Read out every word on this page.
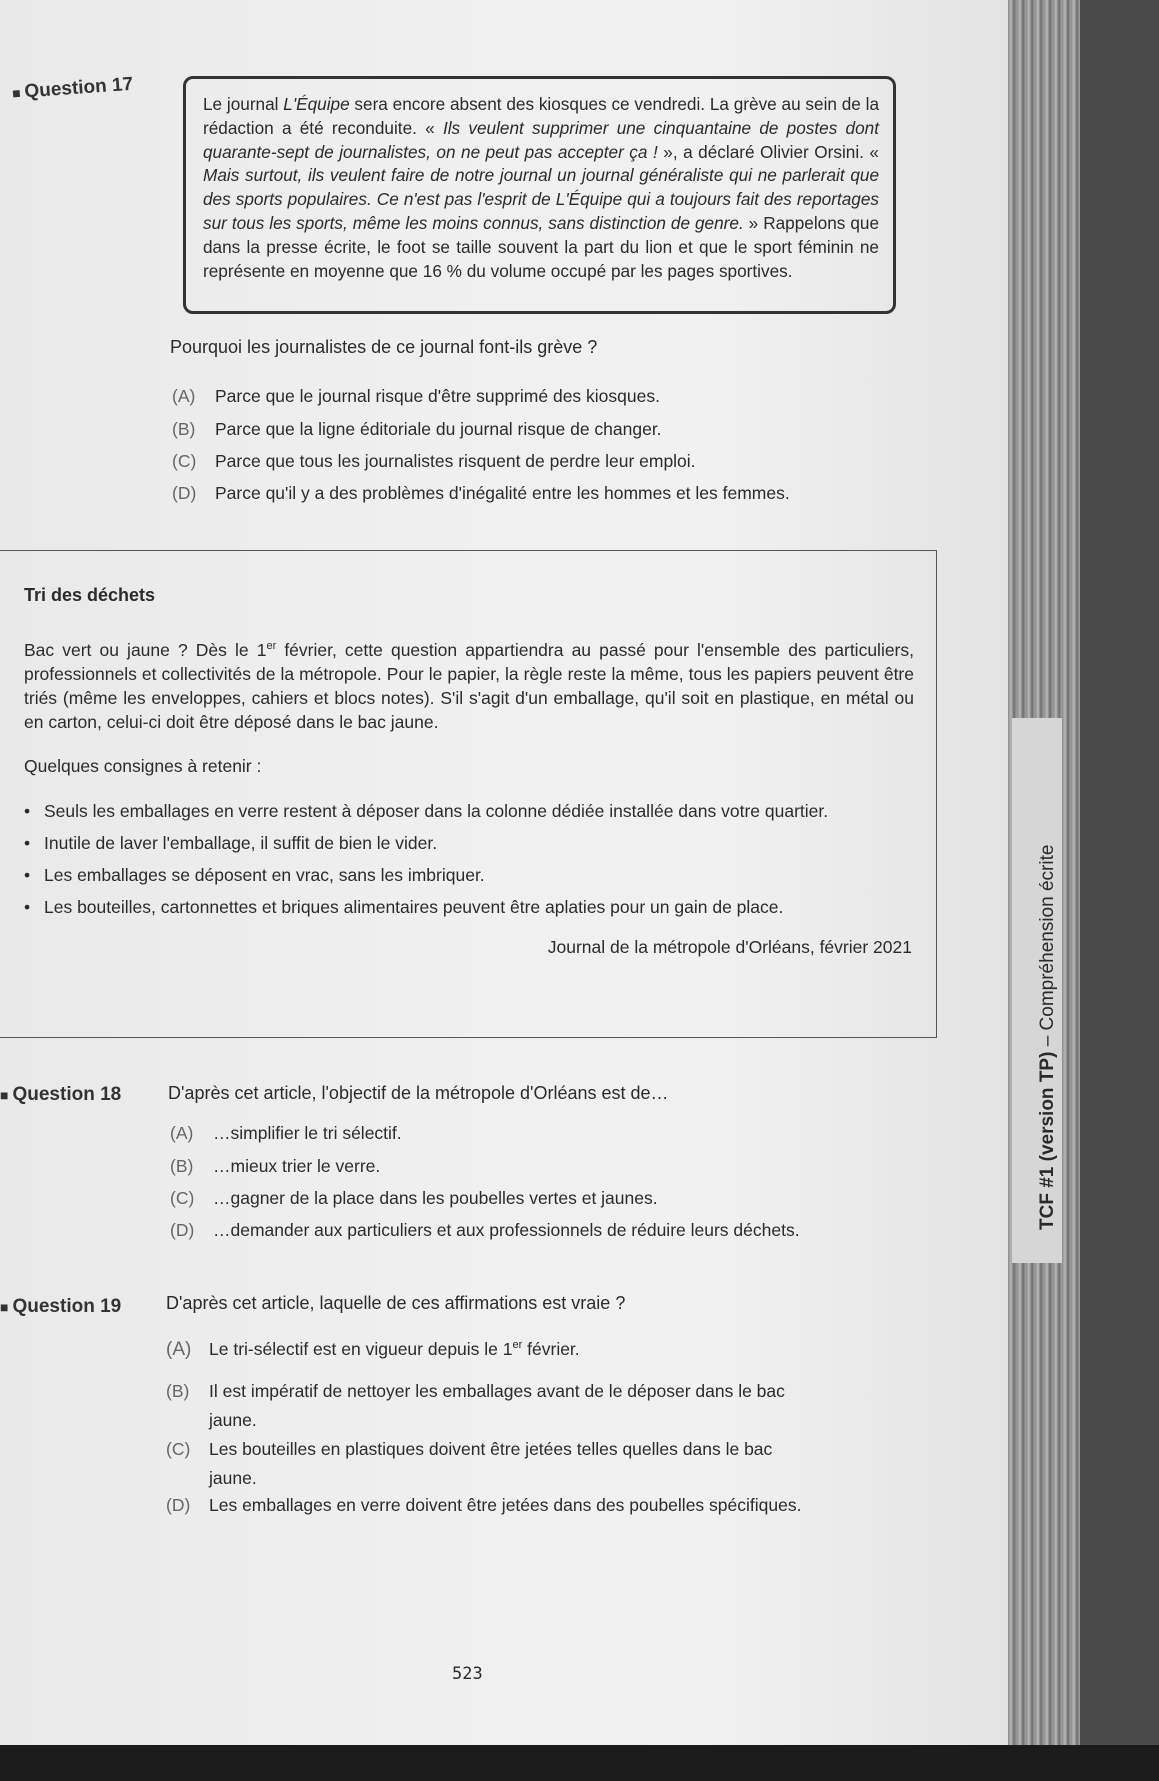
■ Question 17
Le journal L'Équipe sera encore absent des kiosques ce vendredi. La grève au sein de la rédaction a été reconduite. « Ils veulent supprimer une cinquantaine de postes dont quarante-sept de journalistes, on ne peut pas accepter ça ! », a déclaré Olivier Orsini. « Mais surtout, ils veulent faire de notre journal un journal généraliste qui ne parlerait que des sports populaires. Ce n'est pas l'esprit de L'Équipe qui a toujours fait des reportages sur tous les sports, même les moins connus, sans distinction de genre. » Rappelons que dans la presse écrite, le foot se taille souvent la part du lion et que le sport féminin ne représente en moyenne que 16 % du volume occupé par les pages sportives.
Pourquoi les journalistes de ce journal font-ils grève ?
(A) Parce que le journal risque d'être supprimé des kiosques.
(B) Parce que la ligne éditoriale du journal risque de changer.
(C) Parce que tous les journalistes risquent de perdre leur emploi.
(D) Parce qu'il y a des problèmes d'inégalité entre les hommes et les femmes.
Tri des déchets
Bac vert ou jaune ? Dès le 1er février, cette question appartiendra au passé pour l'ensemble des particuliers, professionnels et collectivités de la métropole. Pour le papier, la règle reste la même, tous les papiers peuvent être triés (même les enveloppes, cahiers et blocs notes). S'il s'agit d'un emballage, qu'il soit en plastique, en métal ou en carton, celui-ci doit être déposé dans le bac jaune.
Quelques consignes à retenir :
• Seuls les emballages en verre restent à déposer dans la colonne dédiée installée dans votre quartier.
• Inutile de laver l'emballage, il suffit de bien le vider.
• Les emballages se déposent en vrac, sans les imbriquer.
• Les bouteilles, cartonnettes et briques alimentaires peuvent être aplaties pour un gain de place.
Journal de la métropole d'Orléans, février 2021
■ Question 18	D'après cet article, l'objectif de la métropole d'Orléans est de…
(A) …simplifier le tri sélectif.
(B) …mieux trier le verre.
(C) …gagner de la place dans les poubelles vertes et jaunes.
(D) …demander aux particuliers et aux professionnels de réduire leurs déchets.
■ Question 19 D'après cet article, laquelle de ces affirmations est vraie ?
(A) Le tri-sélectif est en vigueur depuis le 1er février.
(B) Il est impératif de nettoyer les emballages avant de le déposer dans le bac
jaune.
(C) Les bouteilles en plastiques doivent être jetées telles quelles dans le bac
jaune.
(D) Les emballages en verre doivent être jetées dans des poubelles spécifiques.
523
TCF #1 (version TP) – Compréhension écrite
